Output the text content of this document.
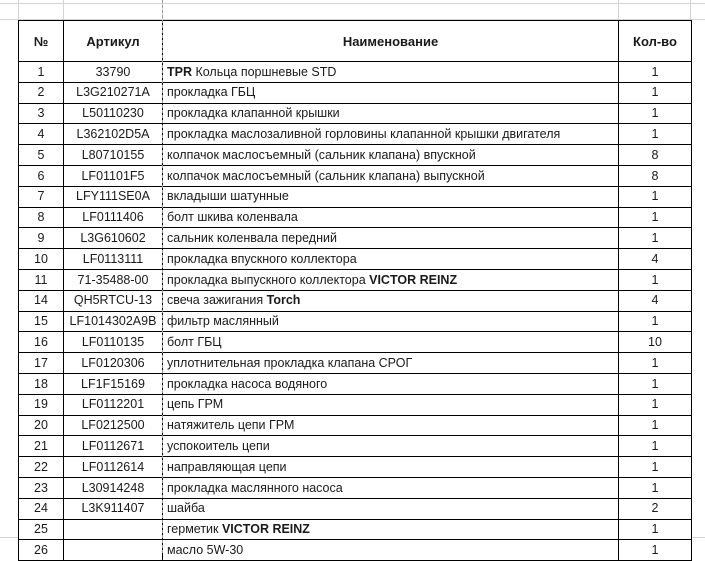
№	Артикул	Наименование	Кол-во
1	33790	TPR Кольца поршневые STD	1
2	L3G210271A	прокладка ГБЦ	1
3	L50110230	прокладка клапанной крышки	1
4	L362102D5A	прокладка маслозаливной горловины клапанной крышки двигателя	1
5	L80710155	колпачок маслосъемный (сальник клапана) впускной	8
6	LF01101F5	колпачок маслосъемный (сальник клапана) выпускной	8
7	LFY111SE0A	вкладыши шатунные	1
8	LF0111406	болт шкива коленвала	1
9	L3G610602	сальник коленвала передний	1
10	LF0113111	прокладка впускного коллектора	4
11	71-35488-00	прокладка выпускного коллектора VICTOR REINZ	1
14	QH5RTCU-13	свеча зажигания Torch	4
15	LF1014302A9B	фильтр маслянный	1
16	LF0110135	болт ГБЦ	10
17	LF0120306	уплотнительная прокладка клапана СРОГ	1
18	LF1F15169	прокладка насоса водяного	1
19	LF0112201	цепь ГРМ	1
20	LF0212500	натяжитель цепи ГРМ	1
21	LF0112671	успокоитель цепи	1
22	LF0112614	направляющая цепи	1
23	L30914248	прокладка маслянного насоса	1
24	L3K911407	шайба	2
25		герметик VICTOR REINZ	1
26		масло 5W-30	1
